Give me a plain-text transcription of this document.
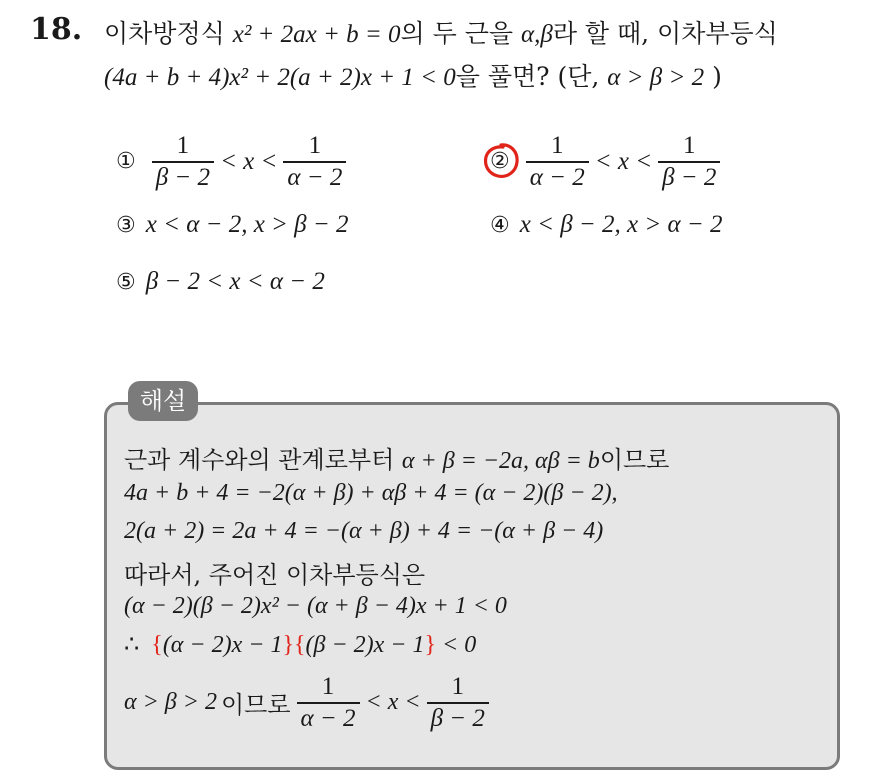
18. 이차방정식 x² + 2ax + b = 0의 두 근을 α,β라 할 때, 이차부등식
(4a + b + 4)x² + 2(a + 2)x + 1 < 0을 풀면? (단, α > β > 2 )
① $\frac{1}{\beta - 2} < x < \frac{1}{\alpha - 2}$	② $\frac{1}{\alpha - 2} < x < \frac{1}{\beta - 2}$
③ x < α − 2, x > β − 2	④ x < β − 2, x > α − 2
⑤ β − 2 < x < α − 2
해설
근과 계수와의 관계로부터 α + β = −2a, αβ = b이므로
4a + b + 4 = −2(α + β) + αβ + 4 = (α − 2)(β − 2),
2(a + 2) = 2a + 4 = −(α + β) + 4 = −(α + β − 4)
따라서, 주어진 이차부등식은
(α − 2)(β − 2)x² − (α + β − 4)x + 1 < 0
∴ {(α − 2)x − 1}{(β − 2)x − 1} < 0
α > β > 2 이므로 $\frac{1}{\alpha - 2} < x < \frac{1}{\beta - 2}$
